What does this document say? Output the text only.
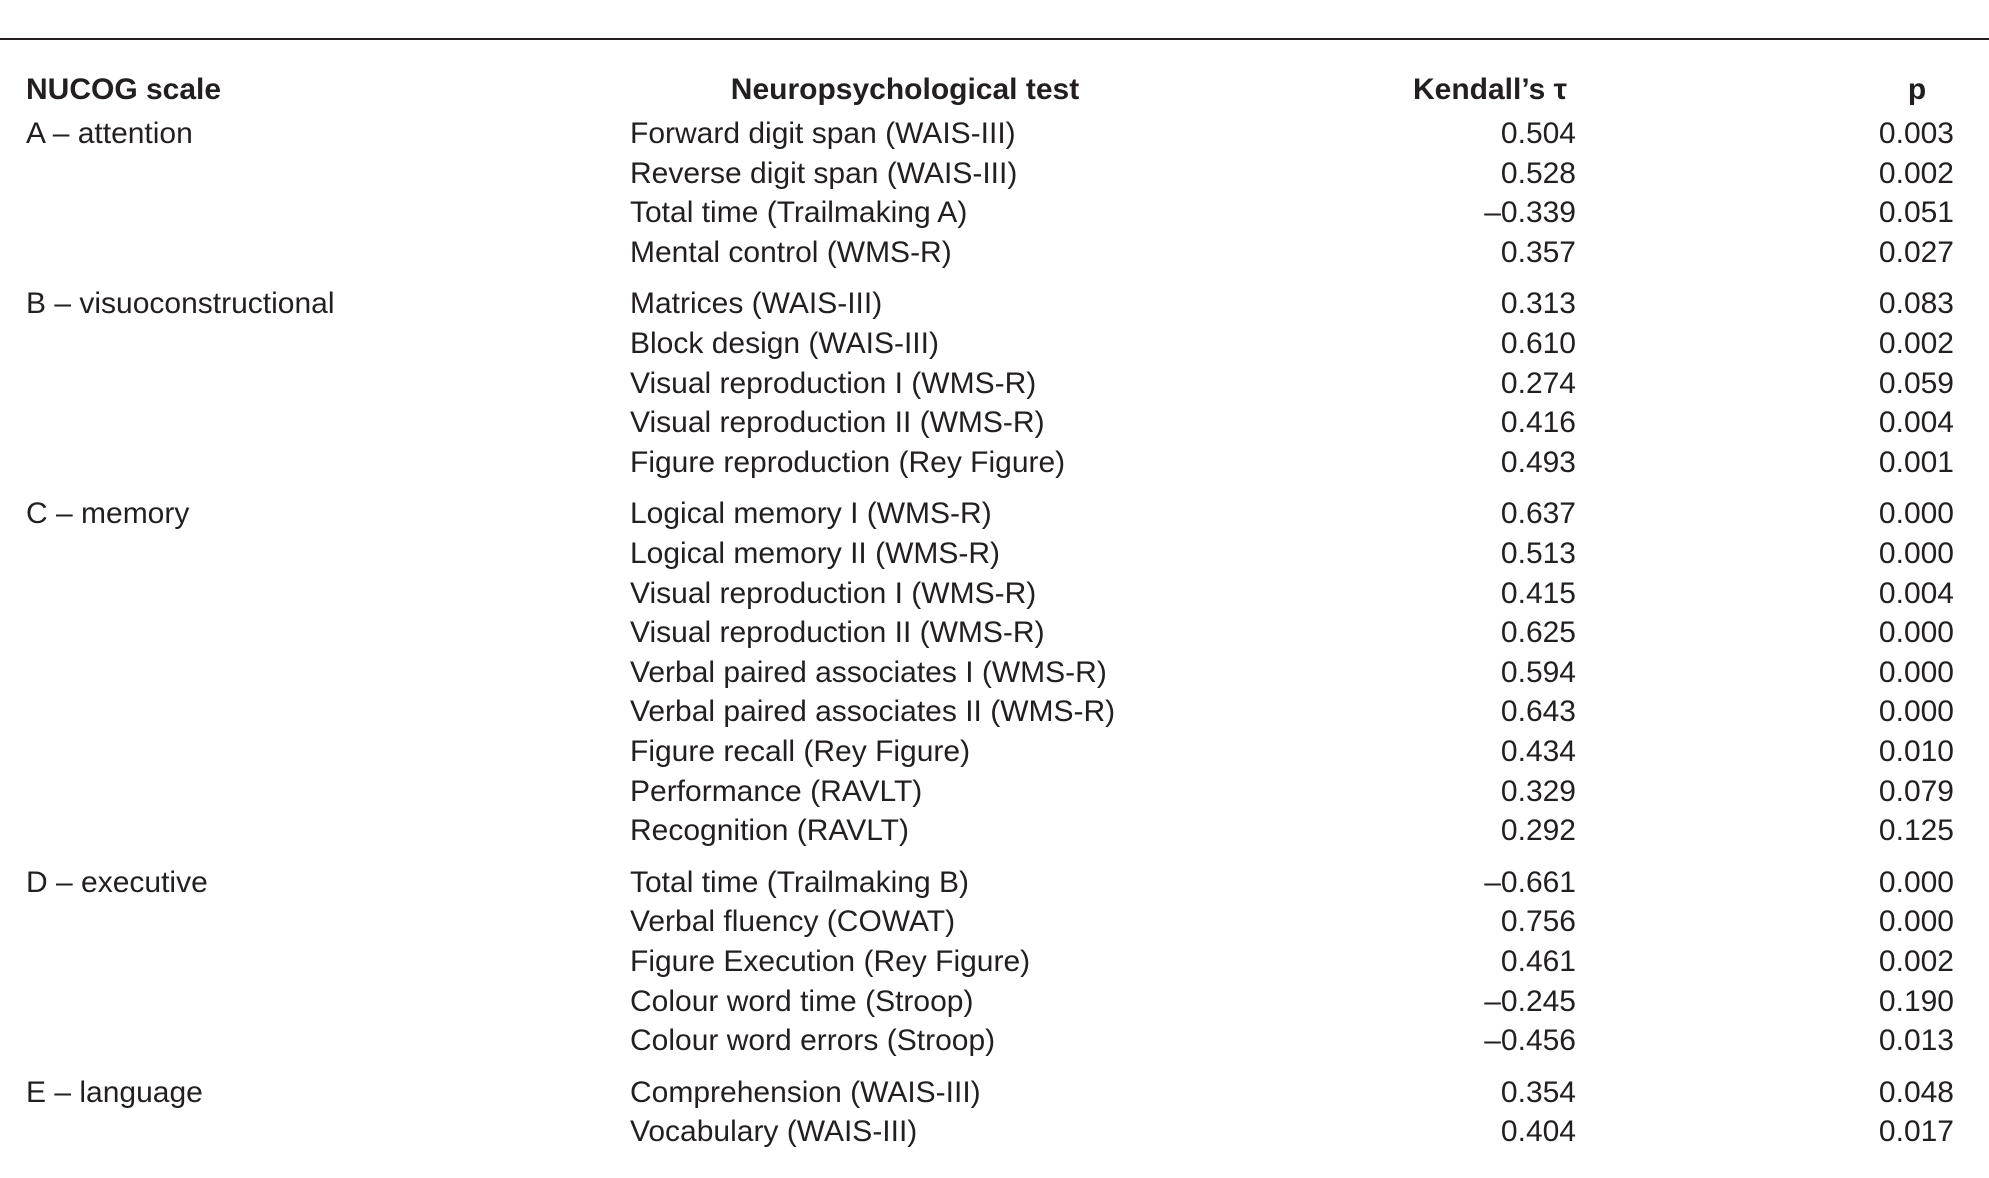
NUCOG scale	Neuropsychological test	Kendall’s τ	p
A – attention	Forward digit span (WAIS-III)	0.504	0.003
Reverse digit span (WAIS-III)	0.528	0.002
Total time (Trailmaking A)	–0.339	0.051
Mental control (WMS-R)	0.357	0.027
B – visuoconstructional	Matrices (WAIS-III)	0.313	0.083
Block design (WAIS-III)	0.610	0.002
Visual reproduction I (WMS-R)	0.274	0.059
Visual reproduction II (WMS-R)	0.416	0.004
Figure reproduction (Rey Figure)	0.493	0.001
C – memory	Logical memory I (WMS-R)	0.637	0.000
Logical memory II (WMS-R)	0.513	0.000
Visual reproduction I (WMS-R)	0.415	0.004
Visual reproduction II (WMS-R)	0.625	0.000
Verbal paired associates I (WMS-R)	0.594	0.000
Verbal paired associates II (WMS-R)	0.643	0.000
Figure recall (Rey Figure)	0.434	0.010
Performance (RAVLT)	0.329	0.079
Recognition (RAVLT)	0.292	0.125
D – executive	Total time (Trailmaking B)	–0.661	0.000
Verbal fluency (COWAT)	0.756	0.000
Figure Execution (Rey Figure)	0.461	0.002
Colour word time (Stroop)	–0.245	0.190
Colour word errors (Stroop)	–0.456	0.013
E – language	Comprehension (WAIS-III)	0.354	0.048
Vocabulary (WAIS-III)	0.404	0.017
